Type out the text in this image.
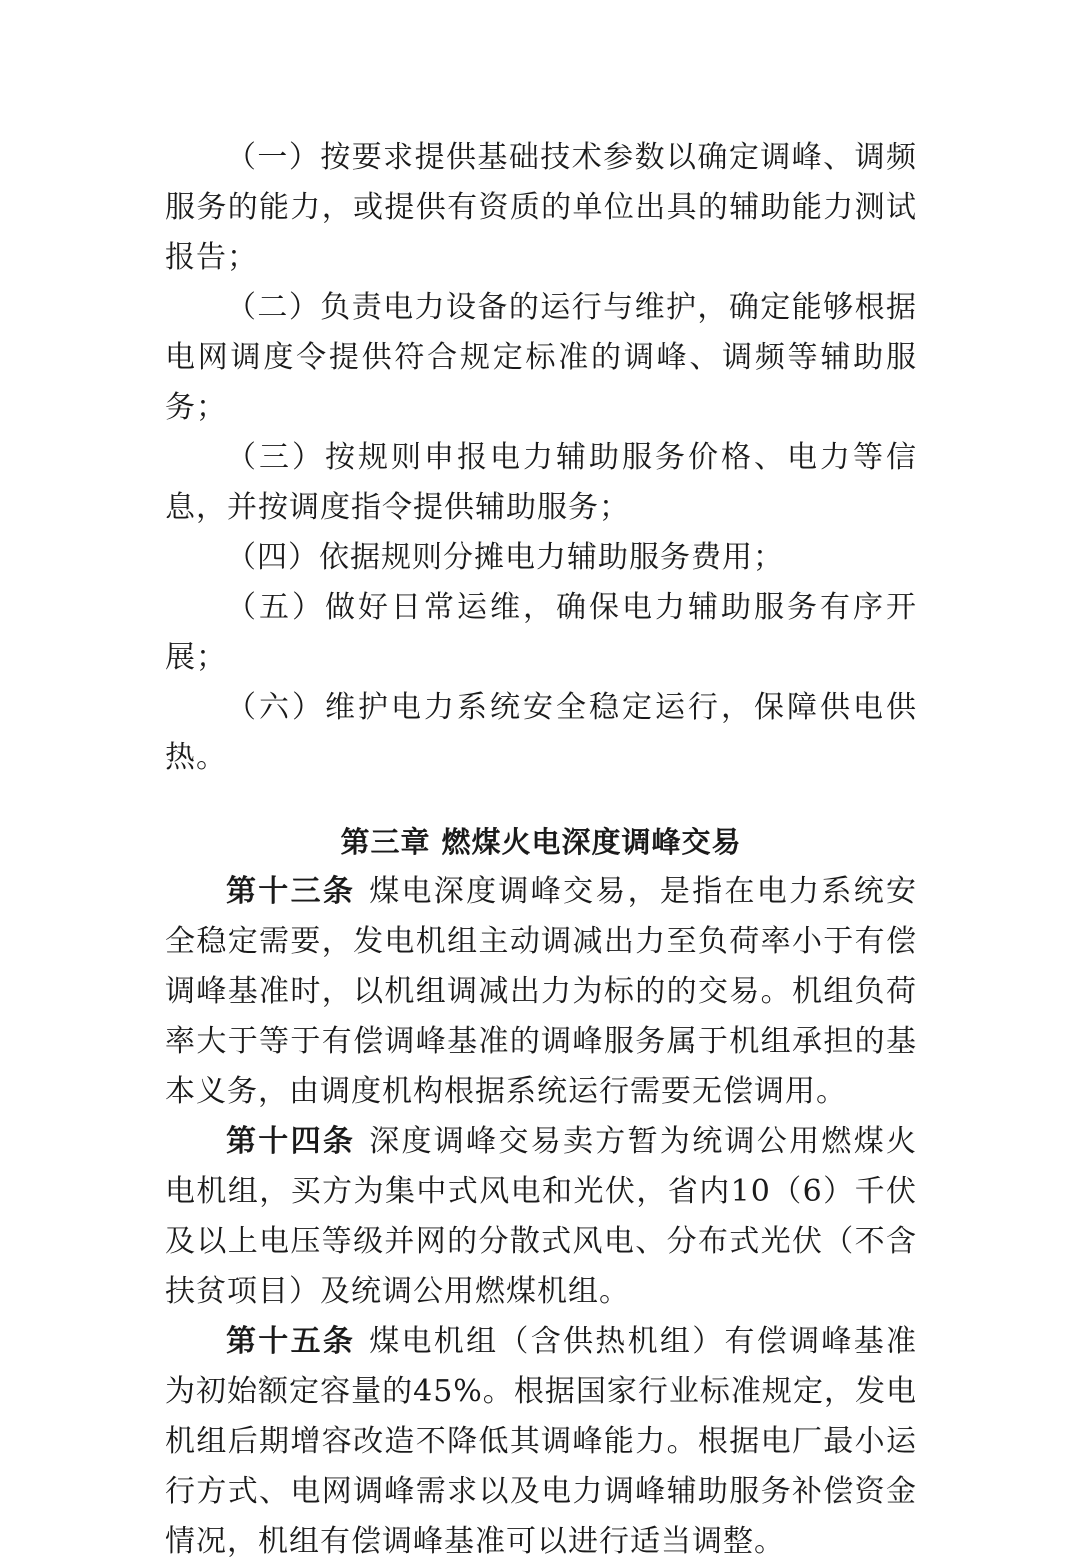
（一）按要求提供基础技术参数以确定调峰、调频服务的能力，或提供有资质的单位出具的辅助能力测试报告；

（二）负责电力设备的运行与维护，确定能够根据电网调度令提供符合规定标准的调峰、调频等辅助服务；

（三）按规则申报电力辅助服务价格、电力等信息，并按调度指令提供辅助服务；

（四）依据规则分摊电力辅助服务费用；

（五）做好日常运维，确保电力辅助服务有序开展；

（六）维护电力系统安全稳定运行，保障供电供热。

第三章 燃煤火电深度调峰交易

第十三条 煤电深度调峰交易，是指在电力系统安全稳定需要，发电机组主动调减出力至负荷率小于有偿调峰基准时，以机组调减出力为标的的交易。机组负荷率大于等于有偿调峰基准的调峰服务属于机组承担的基本义务，由调度机构根据系统运行需要无偿调用。

第十四条 深度调峰交易卖方暂为统调公用燃煤火电机组，买方为集中式风电和光伏，省内10（6）千伏及以上电压等级并网的分散式风电、分布式光伏（不含扶贫项目）及统调公用燃煤机组。

第十五条 煤电机组（含供热机组）有偿调峰基准为初始额定容量的45%。根据国家行业标准规定，发电机组后期增容改造不降低其调峰能力。根据电厂最小运行方式、电网调峰需求以及电力调峰辅助服务补偿资金情况，机组有偿调峰基准可以进行适当调整。
